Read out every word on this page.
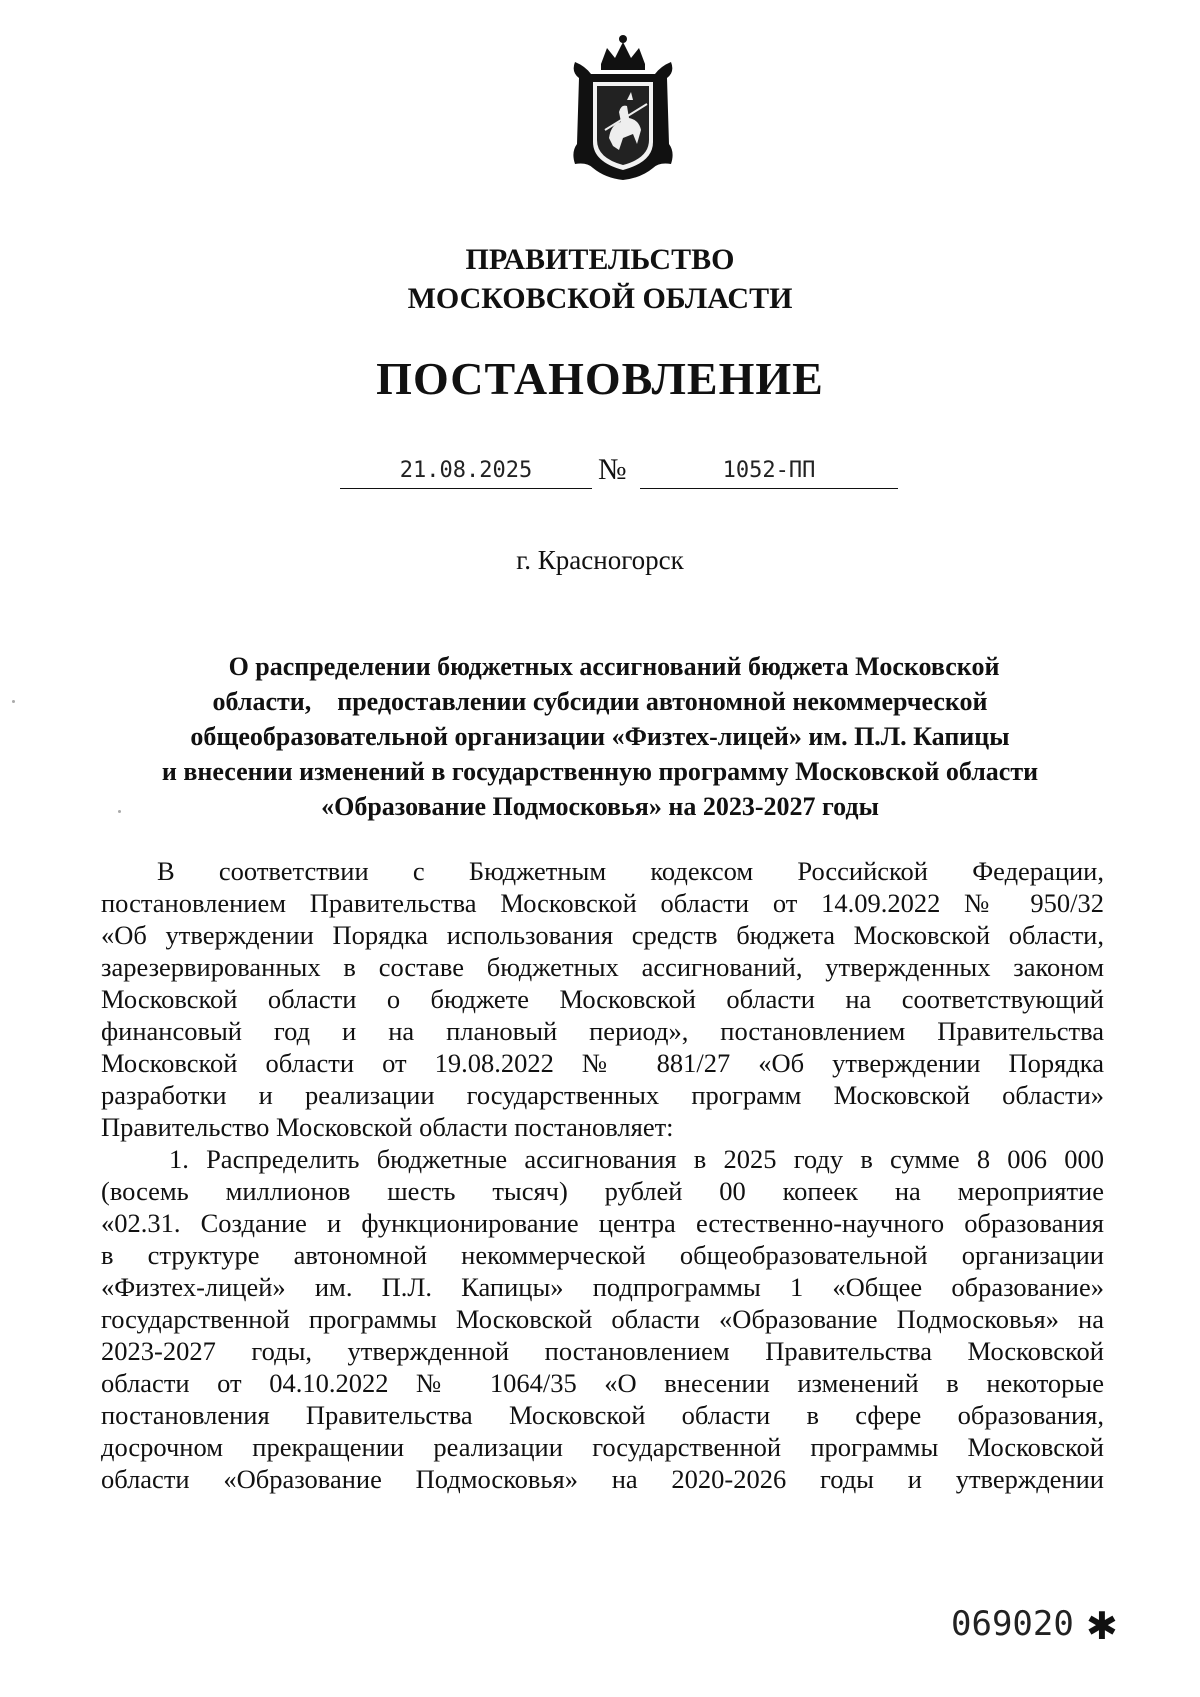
ПРАВИТЕЛЬСТВО
МОСКОВСКОЙ ОБЛАСТИ
ПОСТАНОВЛЕНИЕ
21.08.2025	№	1052-ПП
г. Красногорск
О распределении бюджетных ассигнований бюджета Московской
области,    предоставлении субсидии автономной некоммерческой
общеобразовательной организации «Физтех-лицей» им. П.Л. Капицы
и внесении изменений в государственную программу Московской области
«Образование Подмосковья» на 2023-2027 годы
В соответствии с Бюджетным кодексом Российской Федерации,
постановлением Правительства Московской области от 14.09.2022 № 950/32
«Об утверждении Порядка использования средств бюджета Московской области,
зарезервированных в составе бюджетных ассигнований, утвержденных законом
Московской области о бюджете Московской области на соответствующий
финансовый год и на плановый период», постановлением Правительства
Московской области от 19.08.2022 № 881/27 «Об утверждении Порядка
разработки и реализации государственных программ Московской области»
Правительство Московской области постановляет:
1. Распределить бюджетные ассигнования в 2025 году в сумме 8 006 000
(восемь миллионов шесть тысяч) рублей 00 копеек на мероприятие
«02.31. Создание и функционирование центра естественно-научного образования
в структуре автономной некоммерческой общеобразовательной организации
«Физтех-лицей» им. П.Л. Капицы» подпрограммы 1 «Общее образование»
государственной программы Московской области «Образование Подмосковья» на
2023-2027 годы, утвержденной постановлением Правительства Московской
области от 04.10.2022 № 1064/35 «О внесении изменений в некоторые
постановления Правительства Московской области в сфере образования,
досрочном прекращении реализации государственной программы Московской
области «Образование Подмосковья» на 2020-2026 годы и утверждении
069020 ✱
